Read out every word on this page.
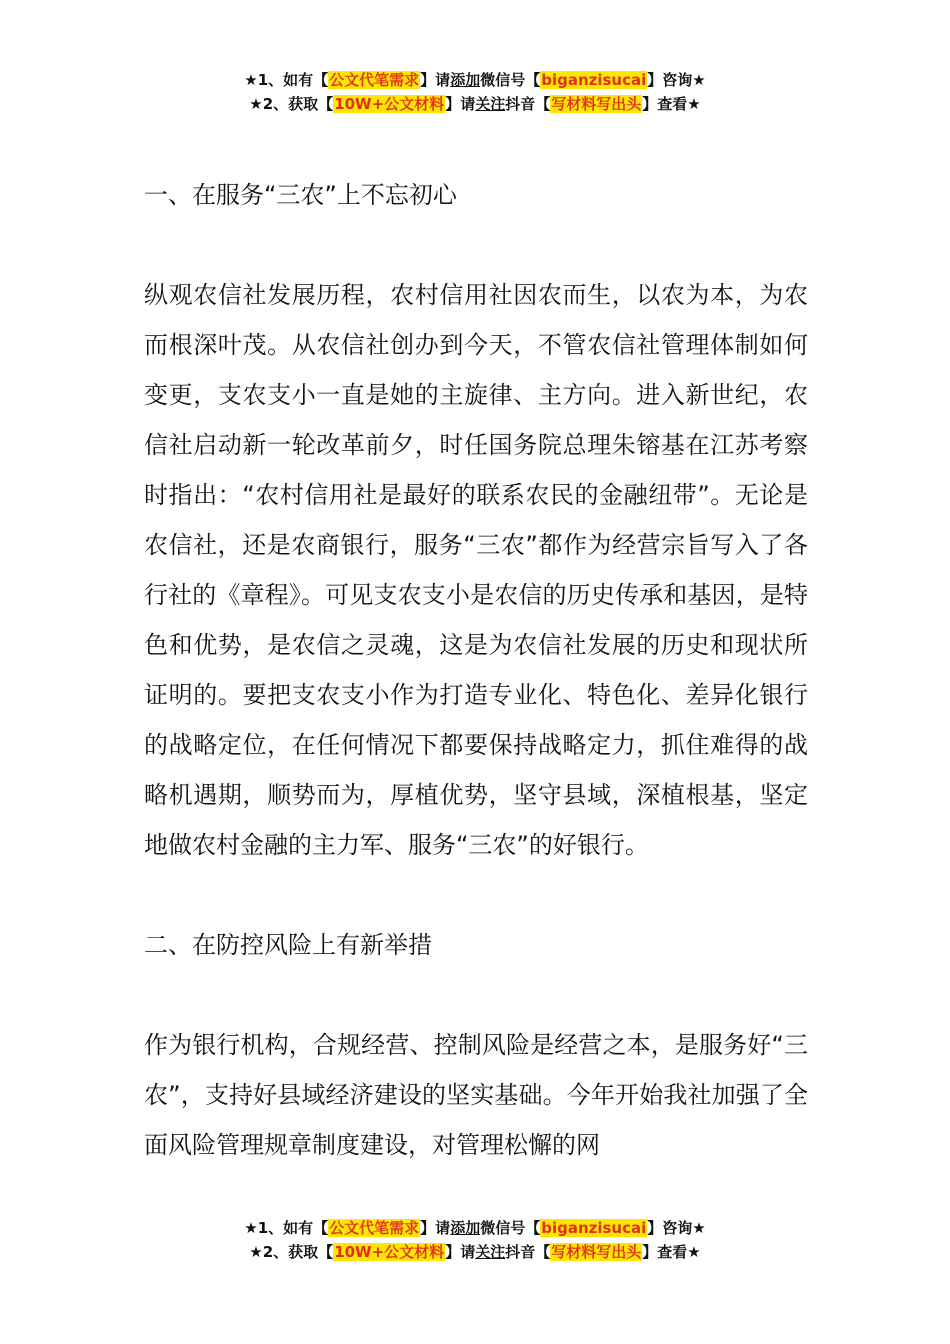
★1、如有【公文代笔需求】请添加微信号【biganzisucai】咨询★
★2、获取【10W+公文材料】请关注抖音【写材料写出头】查看★

一、在服务“三农”上不忘初心

纵观农信社发展历程，农村信用社因农而生，以农为本，为农而根深叶茂。从农信社创办到今天，不管农信社管理体制如何变更，支农支小一直是她的主旋律、主方向。进入新世纪，农信社启动新一轮改革前夕，时任国务院总理朱镕基在江苏考察时指出：“农村信用社是最好的联系农民的金融纽带”。无论是农信社，还是农商银行，服务“三农”都作为经营宗旨写入了各行社的《章程》。可见支农支小是农信的历史传承和基因，是特色和优势，是农信之灵魂，这是为农信社发展的历史和现状所证明的。要把支农支小作为打造专业化、特色化、差异化银行的战略定位，在任何情况下都要保持战略定力，抓住难得的战略机遇期，顺势而为，厚植优势，坚守县域，深植根基，坚定地做农村金融的主力军、服务“三农”的好银行。

二、在防控风险上有新举措

作为银行机构，合规经营、控制风险是经营之本，是服务好“三农”，支持好县域经济建设的坚实基础。今年开始我社加强了全面风险管理规章制度建设，对管理松懈的网

★1、如有【公文代笔需求】请添加微信号【biganzisucai】咨询★
★2、获取【10W+公文材料】请关注抖音【写材料写出头】查看★
